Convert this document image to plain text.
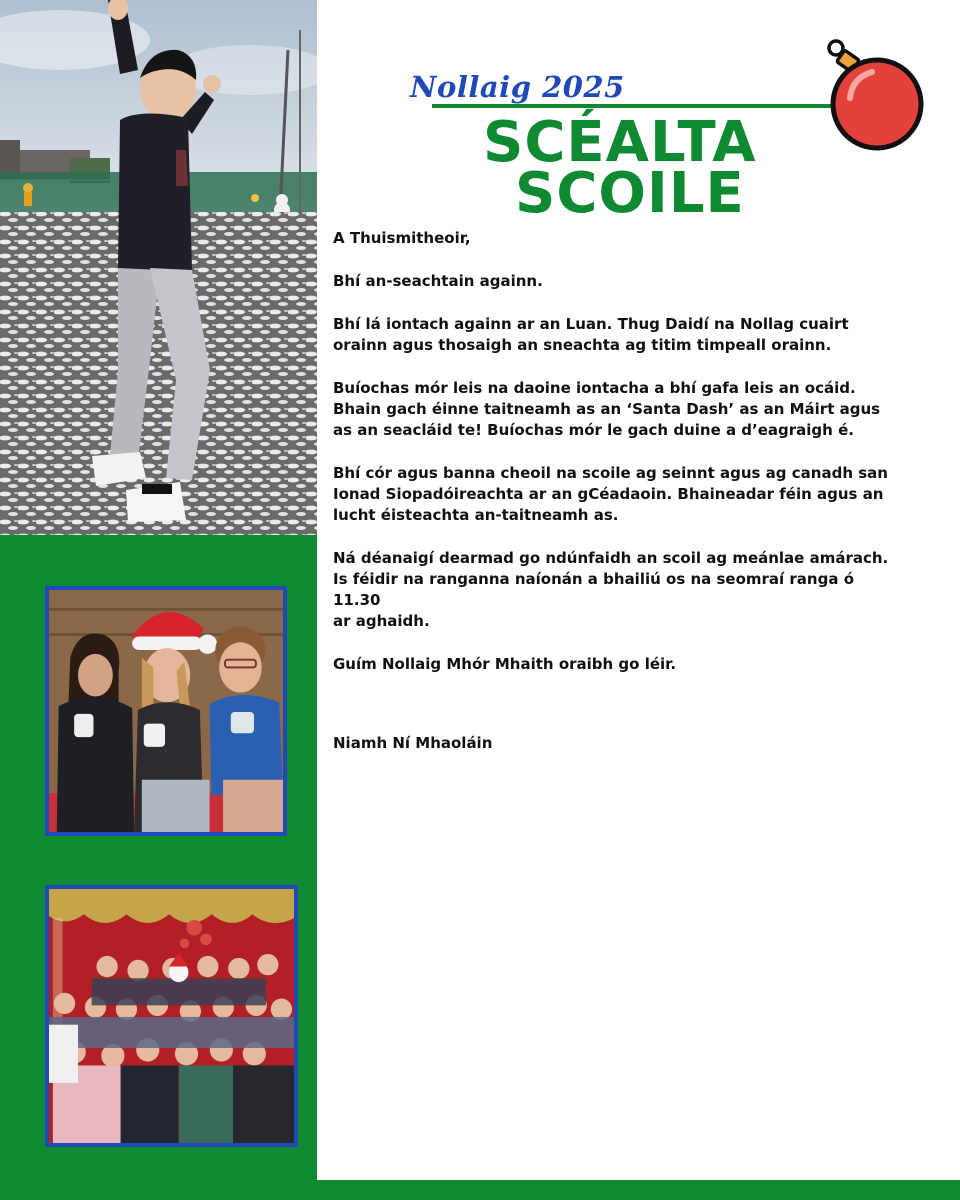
Nollaig 2025
SCÉALTA
SCOILE

A Thuismitheoir,

Bhí an-seachtain againn.

Bhí lá iontach againn ar an Luan. Thug Daidí na Nollag cuairt
orainn agus thosaigh an sneachta ag titim timpeall orainn.

Buíochas mór leis na daoine iontacha a bhí gafa leis an ocáid.
Bhain gach éinne taitneamh as an ‘Santa Dash’ as an Máirt agus
as an seacláid te! Buíochas mór le gach duine a d’eagraigh é.

Bhí cór agus banna cheoil na scoile ag seinnt agus ag canadh san
Ionad Siopadóireachta ar an gCéadaoin. Bhaineadar féin agus an
lucht éisteachta an-taitneamh as.

Ná déanaigí dearmad go ndúnfaidh an scoil ag meánlae amárach.
Is féidir na ranganna naíonán a bhailiú os na seomraí ranga ó 11.30
ar aghaidh.

Guím Nollaig Mhór Mhaith oraibh go léir.

Niamh Ní Mhaoláin
